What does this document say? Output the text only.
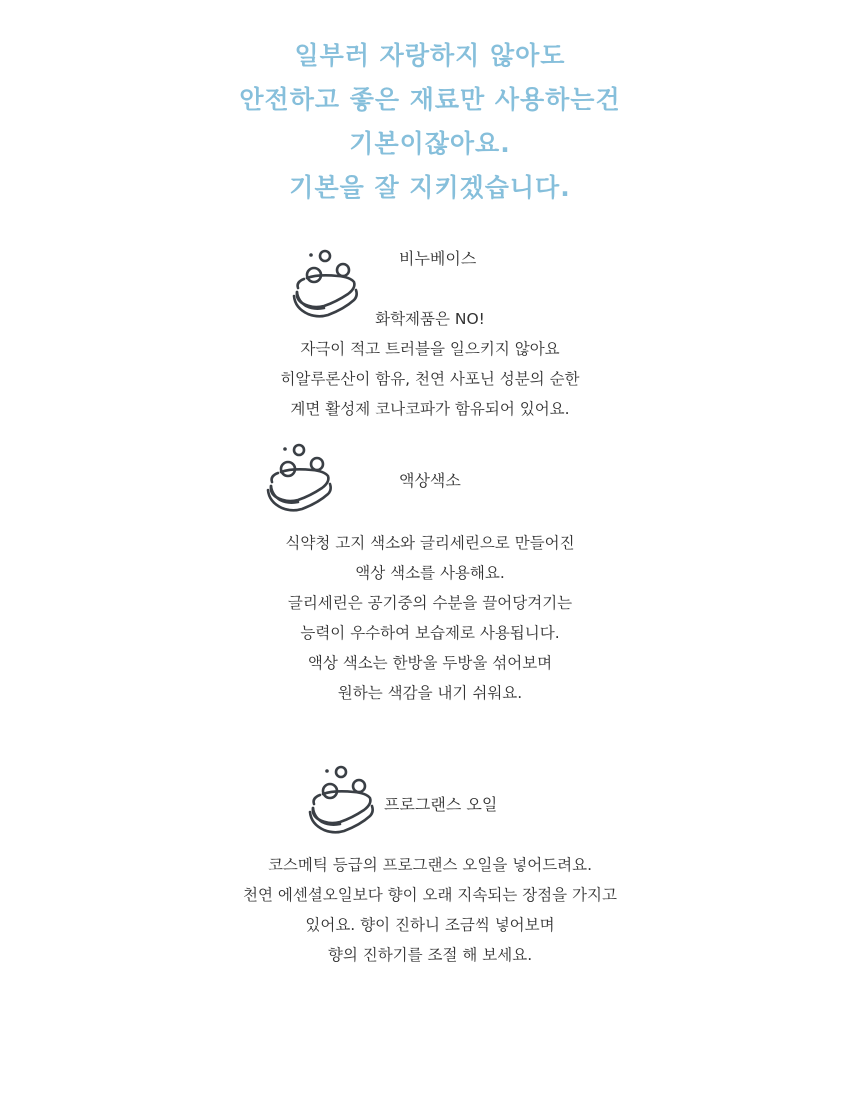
일부러 자랑하지 않아도
안전하고 좋은 재료만 사용하는건
기본이잖아요.
기본을 잘 지키겠습니다.
비누베이스
화학제품은 NO!
자극이 적고 트러블을 일으키지 않아요
히알루론산이 함유, 천연 사포닌 성분의 순한
계면 활성제 코나코파가 함유되어 있어요.
액상색소
식약청 고지 색소와 글리세린으로 만들어진
액상 색소를 사용해요.
글리세린은 공기중의 수분을 끌어당겨기는
능력이 우수하여 보습제로 사용됩니다.
액상 색소는 한방울 두방울 섞어보며
원하는 색감을 내기 쉬워요.
프로그랜스 오일
코스메틱 등급의 프로그랜스 오일을 넣어드려요.
천연 에센셜오일보다 향이 오래 지속되는 장점을 가지고
있어요. 향이 진하니 조금씩 넣어보며
향의 진하기를 조절 해 보세요.
